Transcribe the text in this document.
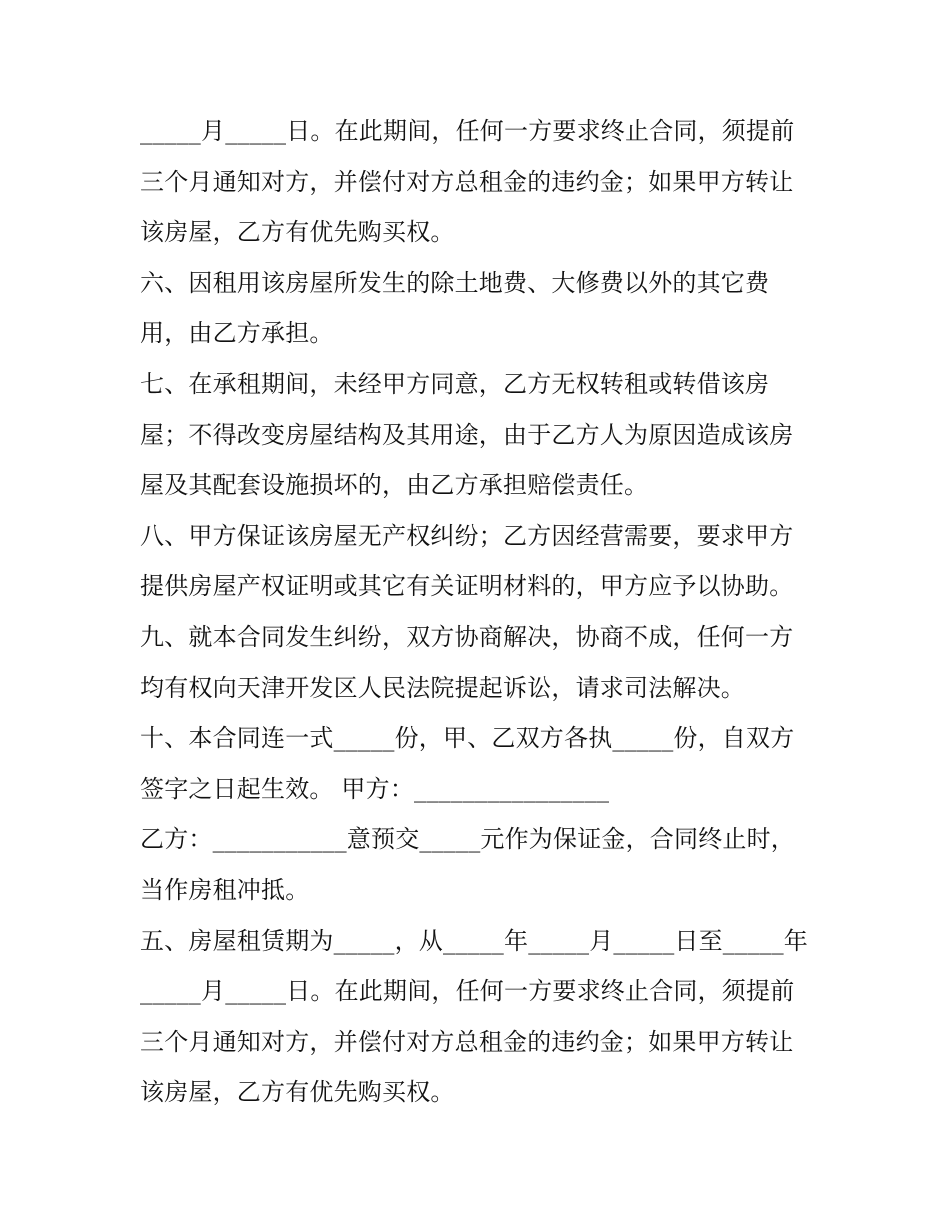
_____月_____日。在此期间，任何一方要求终止合同，须提前
三个月通知对方，并偿付对方总租金的违约金；如果甲方转让
该房屋，乙方有优先购买权。
六、因租用该房屋所发生的除土地费、大修费以外的其它费
用，由乙方承担。
七、在承租期间，未经甲方同意，乙方无权转租或转借该房
屋；不得改变房屋结构及其用途，由于乙方人为原因造成该房
屋及其配套设施损坏的，由乙方承担赔偿责任。
八、甲方保证该房屋无产权纠纷；乙方因经营需要，要求甲方
提供房屋产权证明或其它有关证明材料的，甲方应予以协助。
九、就本合同发生纠纷，双方协商解决，协商不成，任何一方
均有权向天津开发区人民法院提起诉讼，请求司法解决。
十、本合同连一式_____份，甲、乙双方各执_____份，自双方
签字之日起生效。 甲方：________________
乙方：___________意预交_____元作为保证金，合同终止时，
当作房租冲抵。
五、房屋租赁期为_____，从_____年_____月_____日至_____年
_____月_____日。在此期间，任何一方要求终止合同，须提前
三个月通知对方，并偿付对方总租金的违约金；如果甲方转让
该房屋，乙方有优先购买权。
